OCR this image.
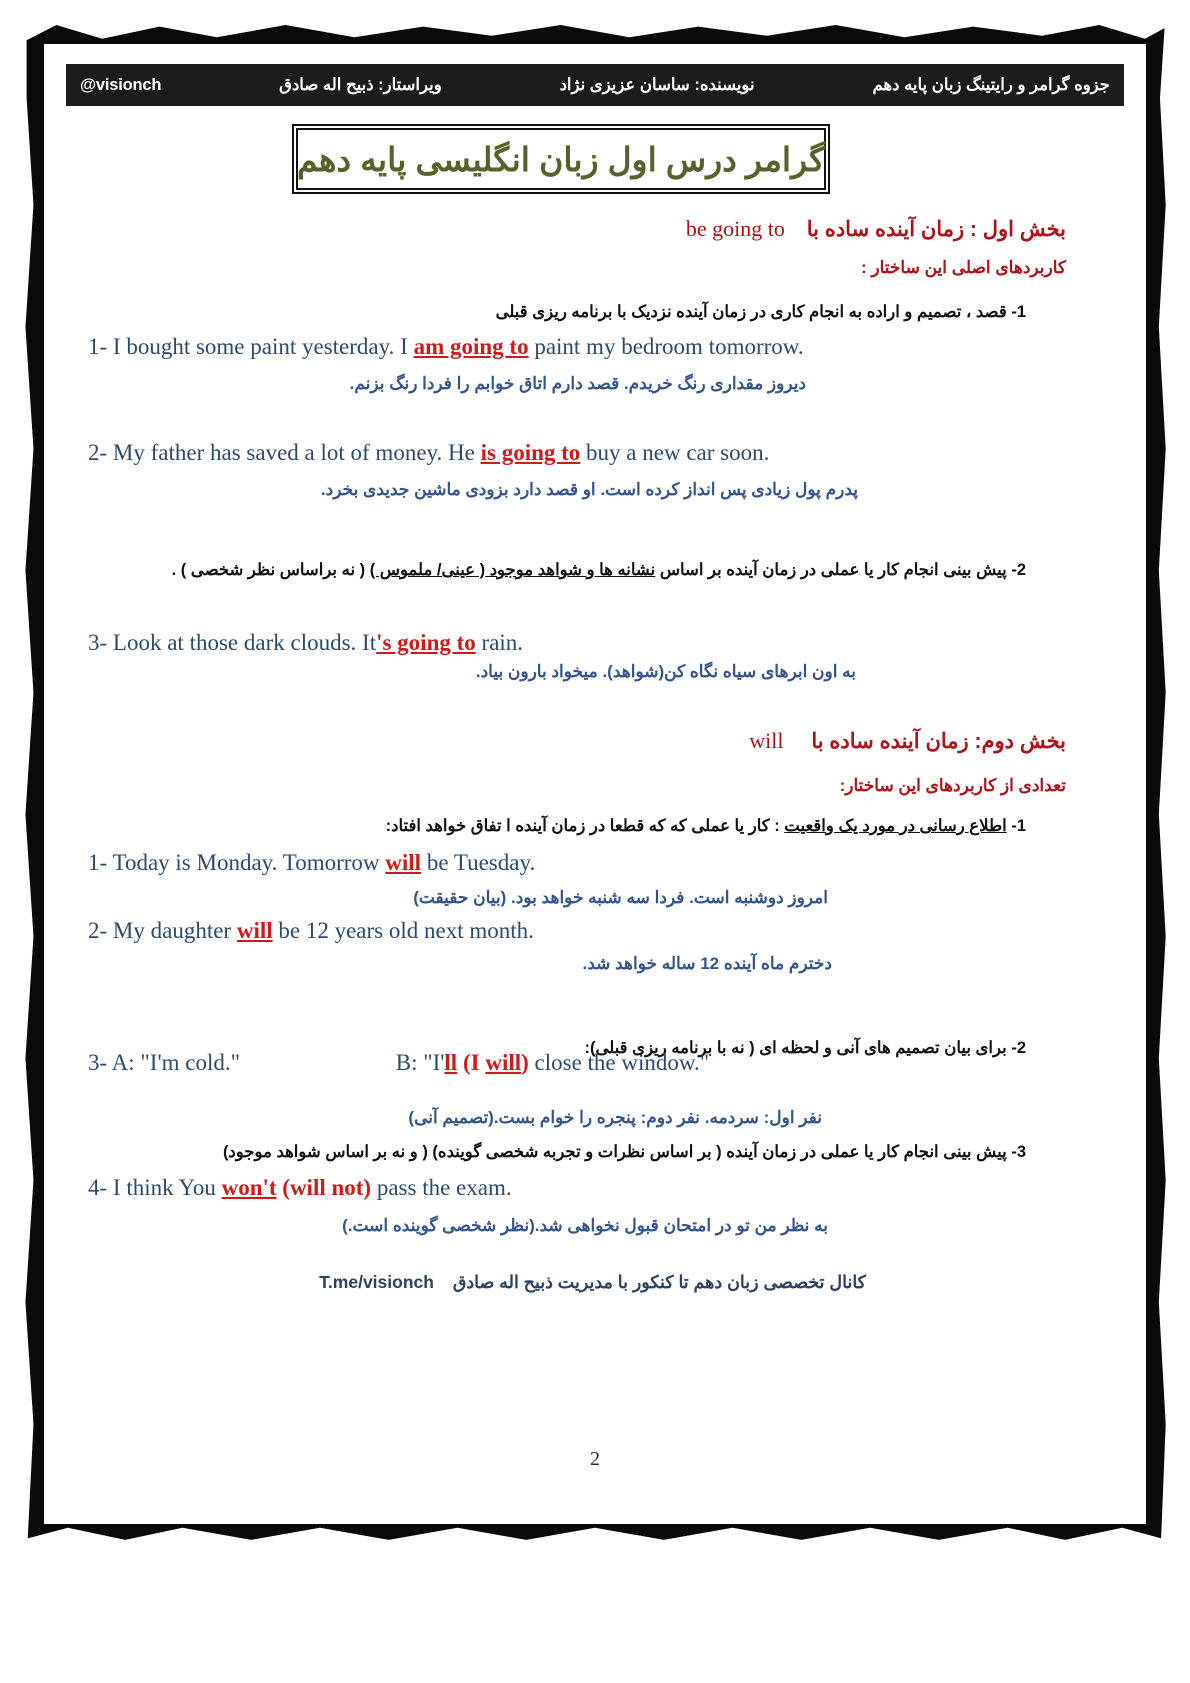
جزوه گرامر و رایتینگ زبان پایه دهم
نویسنده: ساسان عزیزی نژاد
ویراستار: ذبیح اله صادق
@visionch
گرامر درس اول زبان انگلیسی پایه دهم
بخش اول : زمان آینده ساده با be going to
کاربردهای اصلی این ساختار :
1- قصد ، تصمیم و اراده به انجام کاری در زمان آینده نزدیک با برنامه ریزی قبلی
1- I bought some paint yesterday. I am going to paint my bedroom tomorrow.
دیروز مقداری رنگ خریدم. قصد دارم اتاق خوابم را فردا رنگ بزنم.
2- My father has saved a lot of money. He is going to buy a new car soon.
پدرم پول زیادی پس انداز کرده است. او قصد دارد بزودی ماشین جدیدی بخرد.
2- پیش بینی انجام کار یا عملی در زمان آینده بر اساس نشانه ها و شواهد موجود ( عینی/ ملموس ) ( نه براساس نظر شخصی ) .
3- Look at those dark clouds. It's going to rain.
به اون ابرهای سیاه نگاه کن(شواهد). میخواد بارون بیاد.
بخش دوم: زمان آینده ساده با will
تعدادی از کاربردهای این ساختار:
1- اطلاع رسانی در مورد یک واقعیت : کار یا عملی که که قطعا در زمان آینده ا تفاق خواهد افتاد:
1- Today is Monday. Tomorrow will be Tuesday.
امروز دوشنبه است. فردا سه شنبه خواهد بود. (بیان حقیقت)
2- My daughter will be 12 years old next month.
دخترم ماه آینده 12 ساله خواهد شد.
2- برای بیان تصمیم های آنی و لحظه ای ( نه با برنامه ریزی قبلی):
3- A: "I'm cold."	B: "I'll (I will) close the window."
نفر اول: سردمه. نفر دوم: پنجره را خوام بست.(تصمیم آنی)
3- پیش بینی انجام کار یا عملی در زمان آینده ( بر اساس نظرات و تجربه شخصی گوینده) ( و نه بر اساس شواهد موجود)
4- I think You won't (will not) pass the exam.
به نظر من تو در امتحان قبول نخواهی شد.(نظر شخصی گوینده است.)
کانال تخصصی زبان دهم تا کنکور با مدیریت ذبیح اله صادق T.me/visionch
2
